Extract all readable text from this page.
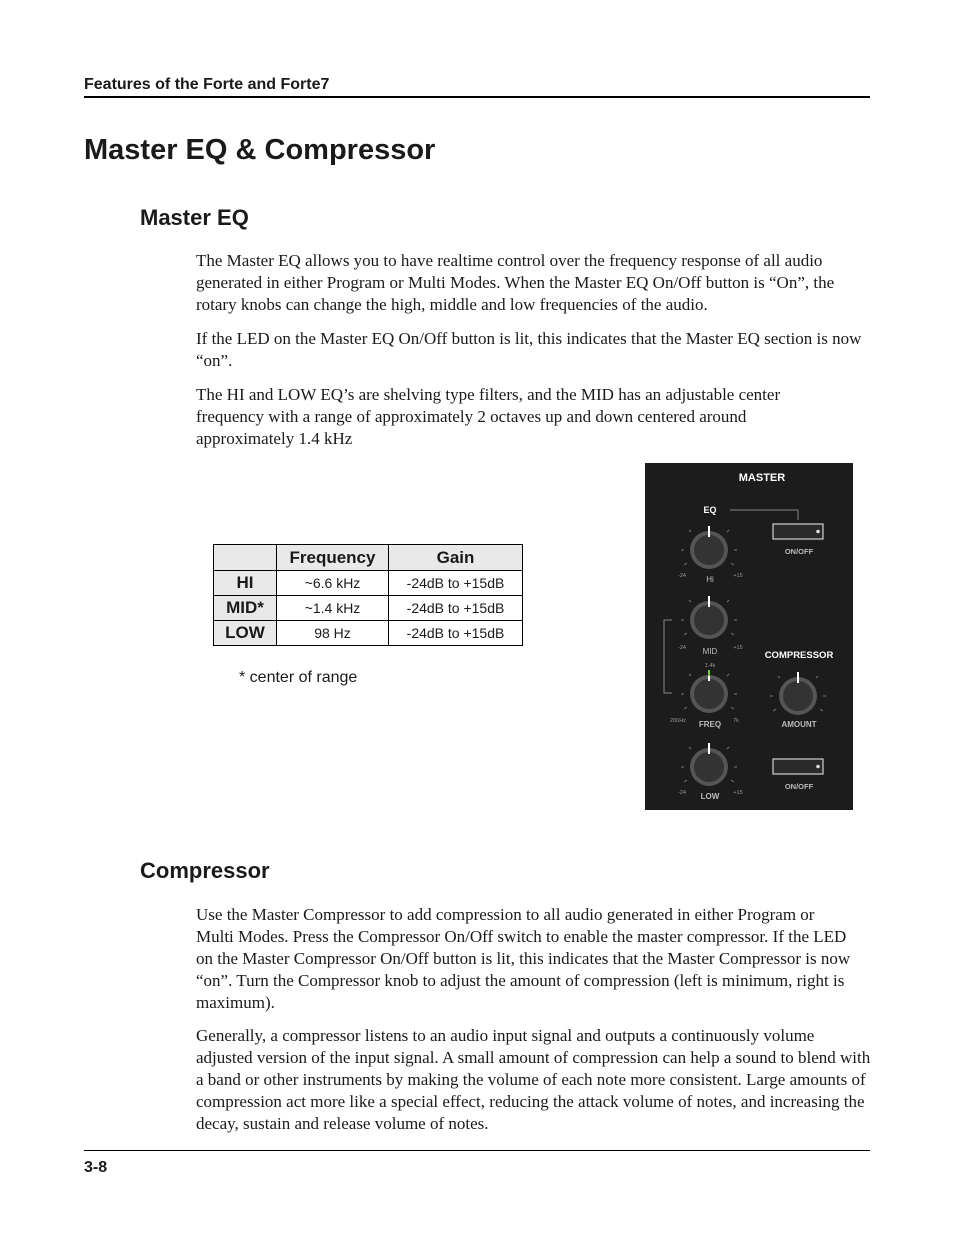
Features of the Forte and Forte7
Master EQ & Compressor
Master EQ

The Master EQ allows you to have realtime control over the frequency response of all audio generated in either Program or Multi Modes. When the Master EQ On/Off button is “On”, the rotary knobs can change the high, middle and low frequencies of the audio.

If the LED on the Master EQ On/Off button is lit, this indicates that the Master EQ section is now “on”.

The HI and LOW EQ’s are shelving type filters, and the MID has an adjustable center frequency with a range of approximately 2 octaves up and down centered around approximately 1.4 kHz

	Frequency	Gain
HI	~6.6 kHz	-24dB to +15dB
MID*	~1.4 kHz	-24dB to +15dB
LOW	98 Hz	-24dB to +15dB
* center of range
MASTER
EQ
ON/OFF
-24	+15
Hi
-24	+15
MID
1.4k
200Hz	7k
FREQ
-24	+15
LOW
COMPRESSOR
AMOUNT
ON/OFF
Compressor

Use the Master Compressor to add compression to all audio generated in either Program or Multi Modes. Press the Compressor On/Off switch to enable the master compressor. If the LED on the Master Compressor On/Off button is lit, this indicates that the Master Compressor is now “on”. Turn the Compressor knob to adjust the amount of compression (left is minimum, right is maximum).

Generally, a compressor listens to an audio input signal and outputs a continuously volume adjusted version of the input signal. A small amount of compression can help a sound to blend with a band or other instruments by making the volume of each note more consistent. Large amounts of compression act more like a special effect, reducing the attack volume of notes, and increasing the decay, sustain and release volume of notes.

3-8
